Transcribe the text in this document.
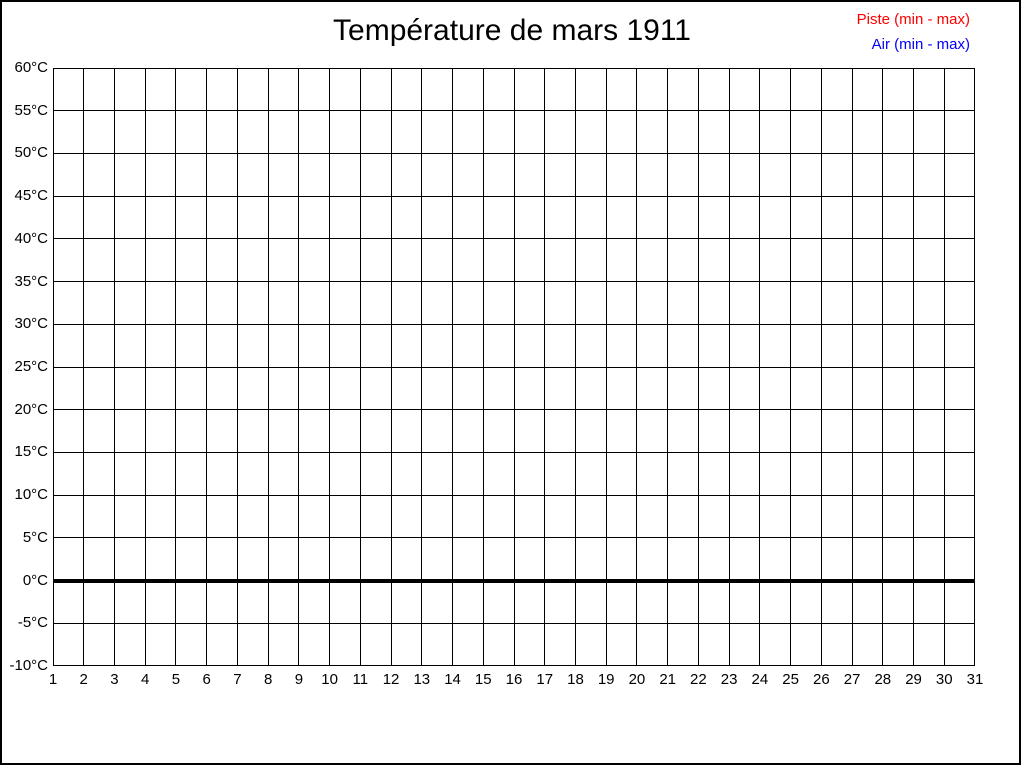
Température de mars 1911	Piste (min - max)
Air (min - max)
1	2	3	4	5	6	7	8	9	10 11 12 13 14 15 16 17 18 19 20 21 22 23 24 25 26 27 28 29 30 31
60°C
55°C
50°C
45°C
40°C
35°C
30°C
25°C
20°C
15°C
10°C
5°C
0°C
-5°C
-10°C
